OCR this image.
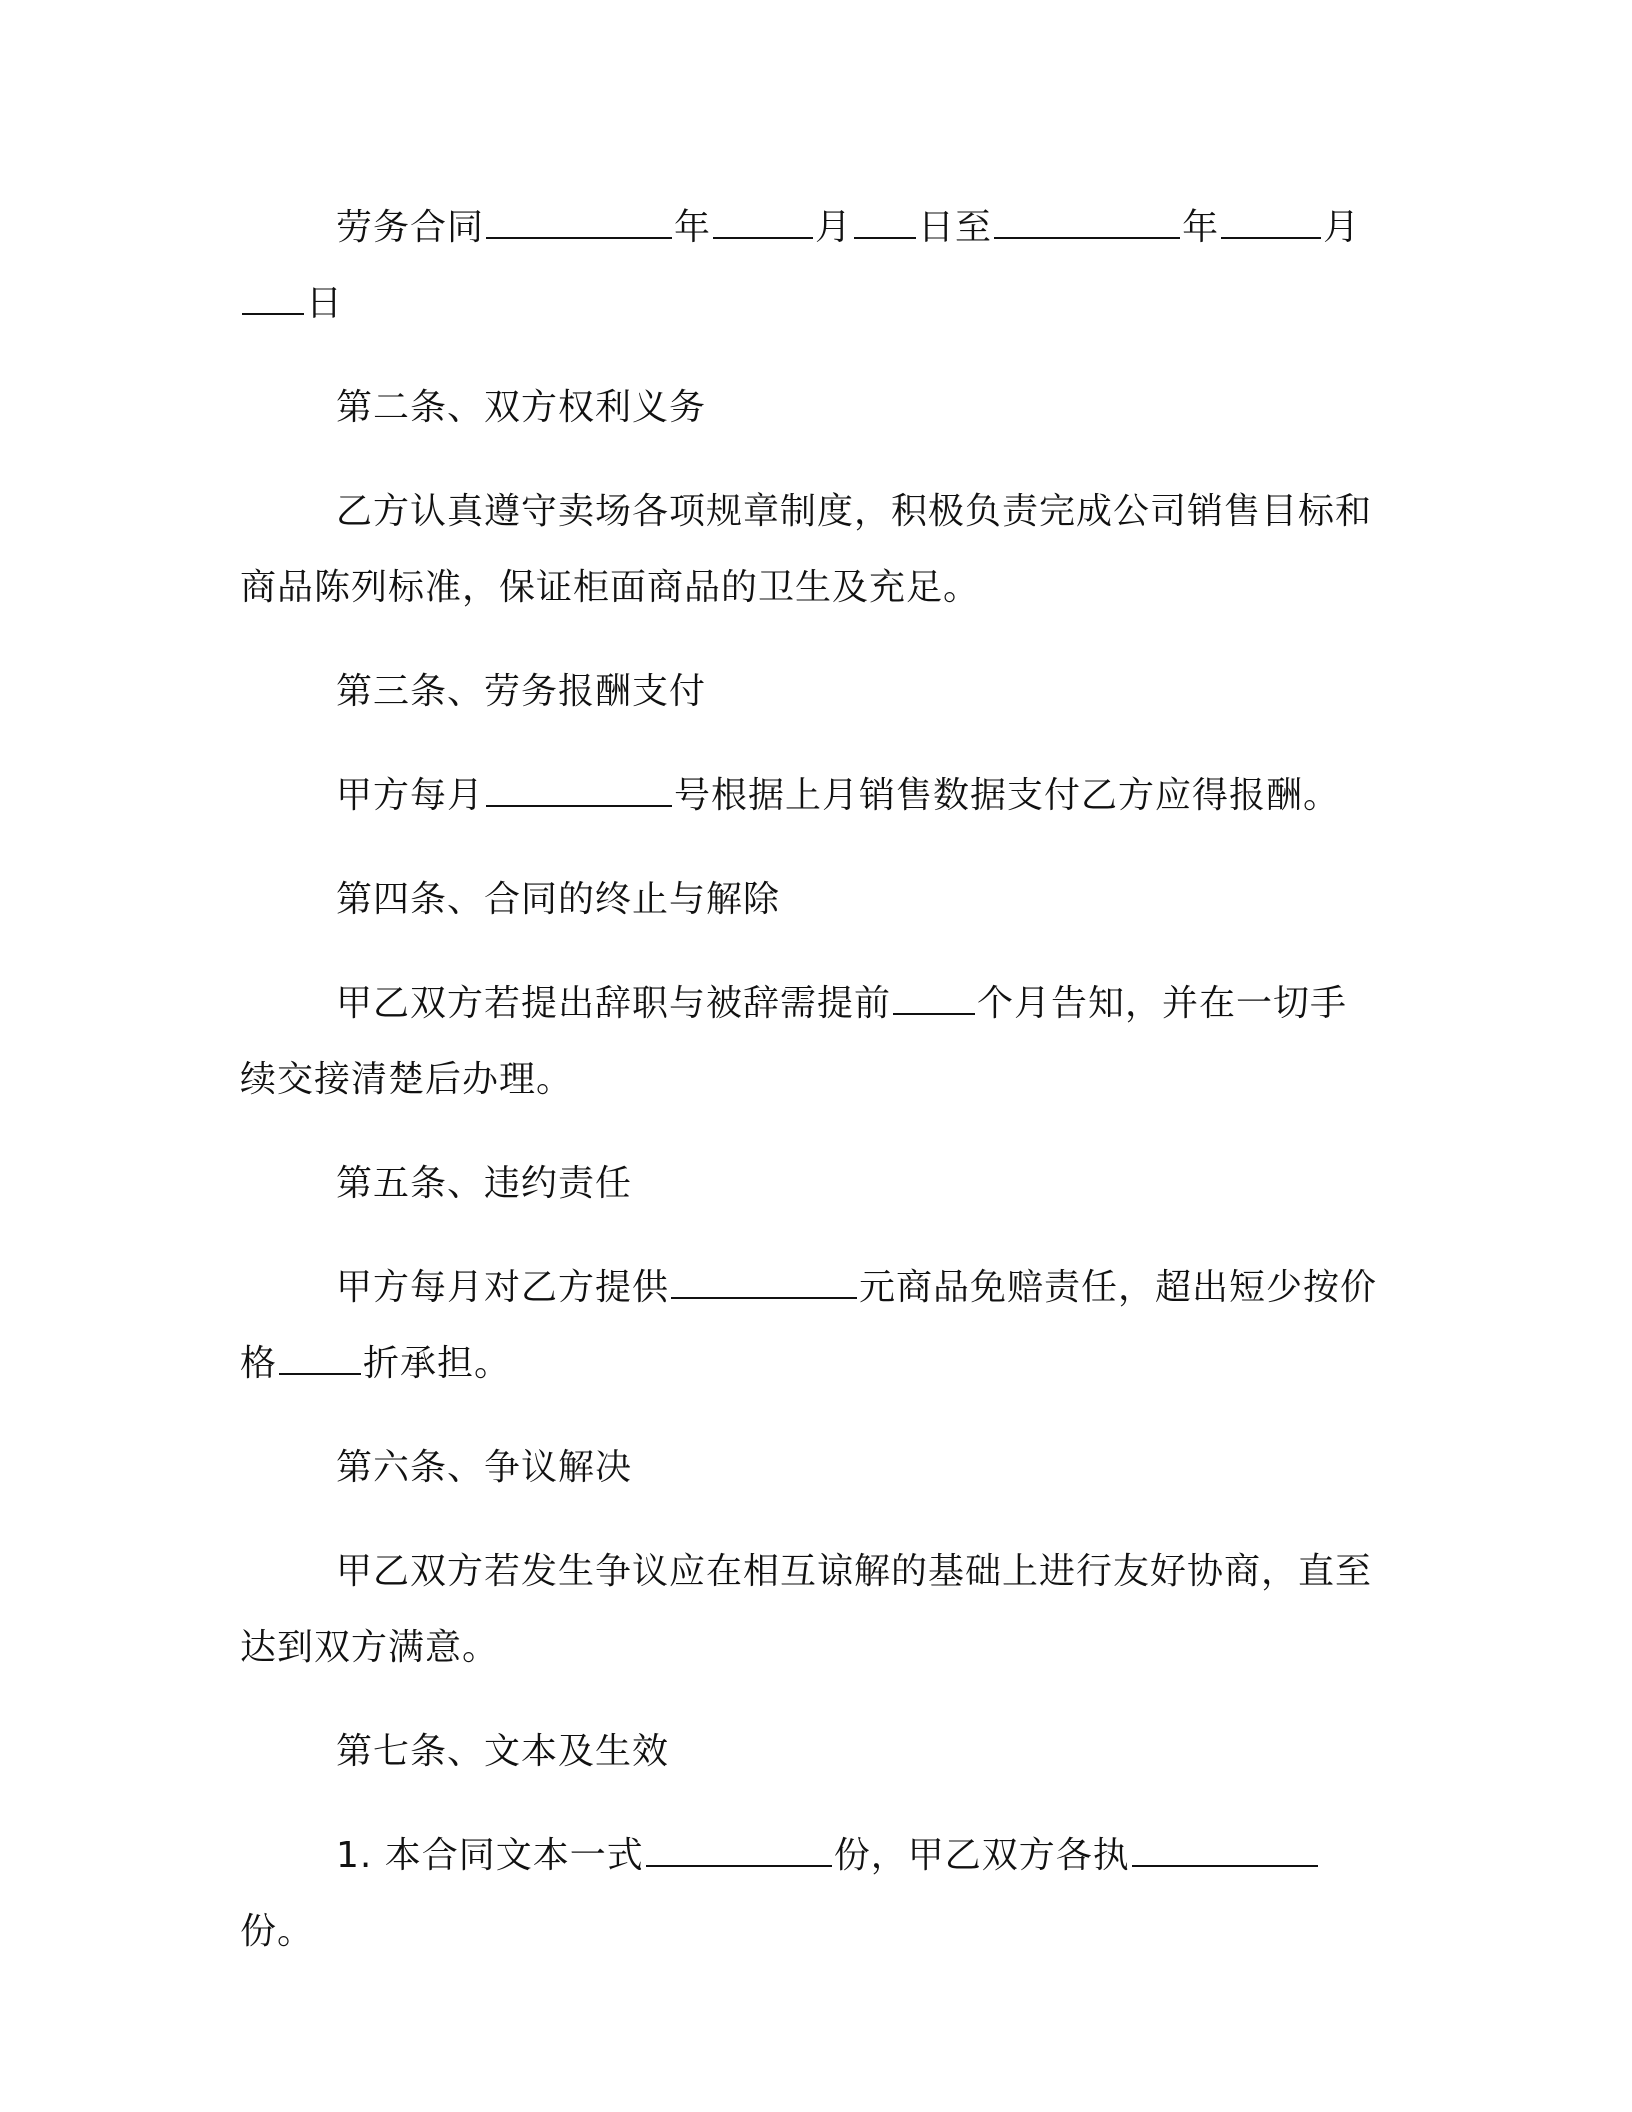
劳务合同	年	月 日至	年	月日

第二条、双方权利义务

乙方认真遵守卖场各项规章制度，积极负责完成公司销售目标和商品陈列标准，保证柜面商品的卫生及充足。

第三条、劳务报酬支付

甲方每月	号根据上月销售数据支付乙方应得报酬。

第四条、合同的终止与解除

甲乙双方若提出辞职与被辞需提前 个月告知，并在一切手续交接清楚后办理。

第五条、违约责任

甲方每月对乙方提供	元商品免赔责任，超出短少按价格 折承担。

第六条、争议解决

甲乙双方若发生争议应在相互谅解的基础上进行友好协商，直至达到双方满意。

第七条、文本及生效

1. 本合同文本一式	份，甲乙双方各执份。
